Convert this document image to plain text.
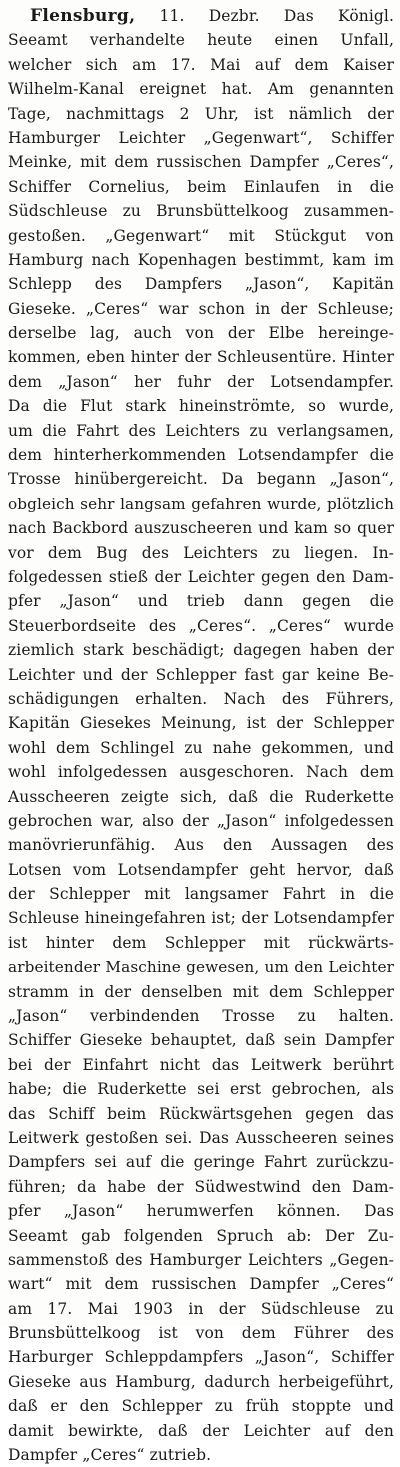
Flensburg, 11. Dezbr. Das Königl.
Seeamt verhandelte heute einen Unfall,
welcher sich am 17. Mai auf dem Kaiser
Wilhelm-Kanal ereignet hat. Am genannten
Tage, nachmittags 2 Uhr, ist nämlich der
Hamburger Leichter „Gegenwart“, Schiffer
Meinke, mit dem russischen Dampfer „Ceres“,
Schiffer Cornelius, beim Einlaufen in die
Südschleuse zu Brunsbüttelkoog zusammen-
gestoßen. „Gegenwart“ mit Stückgut von
Hamburg nach Kopenhagen bestimmt, kam im
Schlepp des Dampfers „Jason“, Kapitän
Gieseke. „Ceres“ war schon in der Schleuse;
derselbe lag, auch von der Elbe hereinge-
kommen, eben hinter der Schleusentüre. Hinter
dem „Jason“ her fuhr der Lotsendampfer.
Da die Flut stark hineinströmte, so wurde,
um die Fahrt des Leichters zu verlangsamen,
dem hinterherkommenden Lotsendampfer die
Trosse hinübergereicht. Da begann „Jason“,
obgleich sehr langsam gefahren wurde, plötzlich
nach Backbord auszuscheeren und kam so quer
vor dem Bug des Leichters zu liegen. In-
folgedessen stieß der Leichter gegen den Dam-
pfer „Jason“ und trieb dann gegen die
Steuerbordseite des „Ceres“. „Ceres“ wurde
ziemlich stark beschädigt; dagegen haben der
Leichter und der Schlepper fast gar keine Be-
schädigungen erhalten. Nach des Führers,
Kapitän Giesekes Meinung, ist der Schlepper
wohl dem Schlingel zu nahe gekommen, und
wohl infolgedessen ausgeschoren. Nach dem
Ausscheeren zeigte sich, daß die Ruderkette
gebrochen war, also der „Jason“ infolgedessen
manövrierunfähig. Aus den Aussagen des
Lotsen vom Lotsendampfer geht hervor, daß
der Schlepper mit langsamer Fahrt in die
Schleuse hineingefahren ist; der Lotsendampfer
ist hinter dem Schlepper mit rückwärts-
arbeitender Maschine gewesen, um den Leichter
stramm in der denselben mit dem Schlepper
„Jason“ verbindenden Trosse zu halten.
Schiffer Gieseke behauptet, daß sein Dampfer
bei der Einfahrt nicht das Leitwerk berührt
habe; die Ruderkette sei erst gebrochen, als
das Schiff beim Rückwärtsgehen gegen das
Leitwerk gestoßen sei. Das Ausscheeren seines
Dampfers sei auf die geringe Fahrt zurückzu-
führen; da habe der Südwestwind den Dam-
pfer „Jason“ herumwerfen können. Das
Seeamt gab folgenden Spruch ab: Der Zu-
sammenstoß des Hamburger Leichters „Gegen-
wart“ mit dem russischen Dampfer „Ceres“
am 17. Mai 1903 in der Südschleuse zu
Brunsbüttelkoog ist von dem Führer des
Harburger Schleppdampfers „Jason“, Schiffer
Gieseke aus Hamburg, dadurch herbeigeführt,
daß er den Schlepper zu früh stoppte und
damit bewirkte, daß der Leichter auf den
Dampfer „Ceres“ zutrieb.
